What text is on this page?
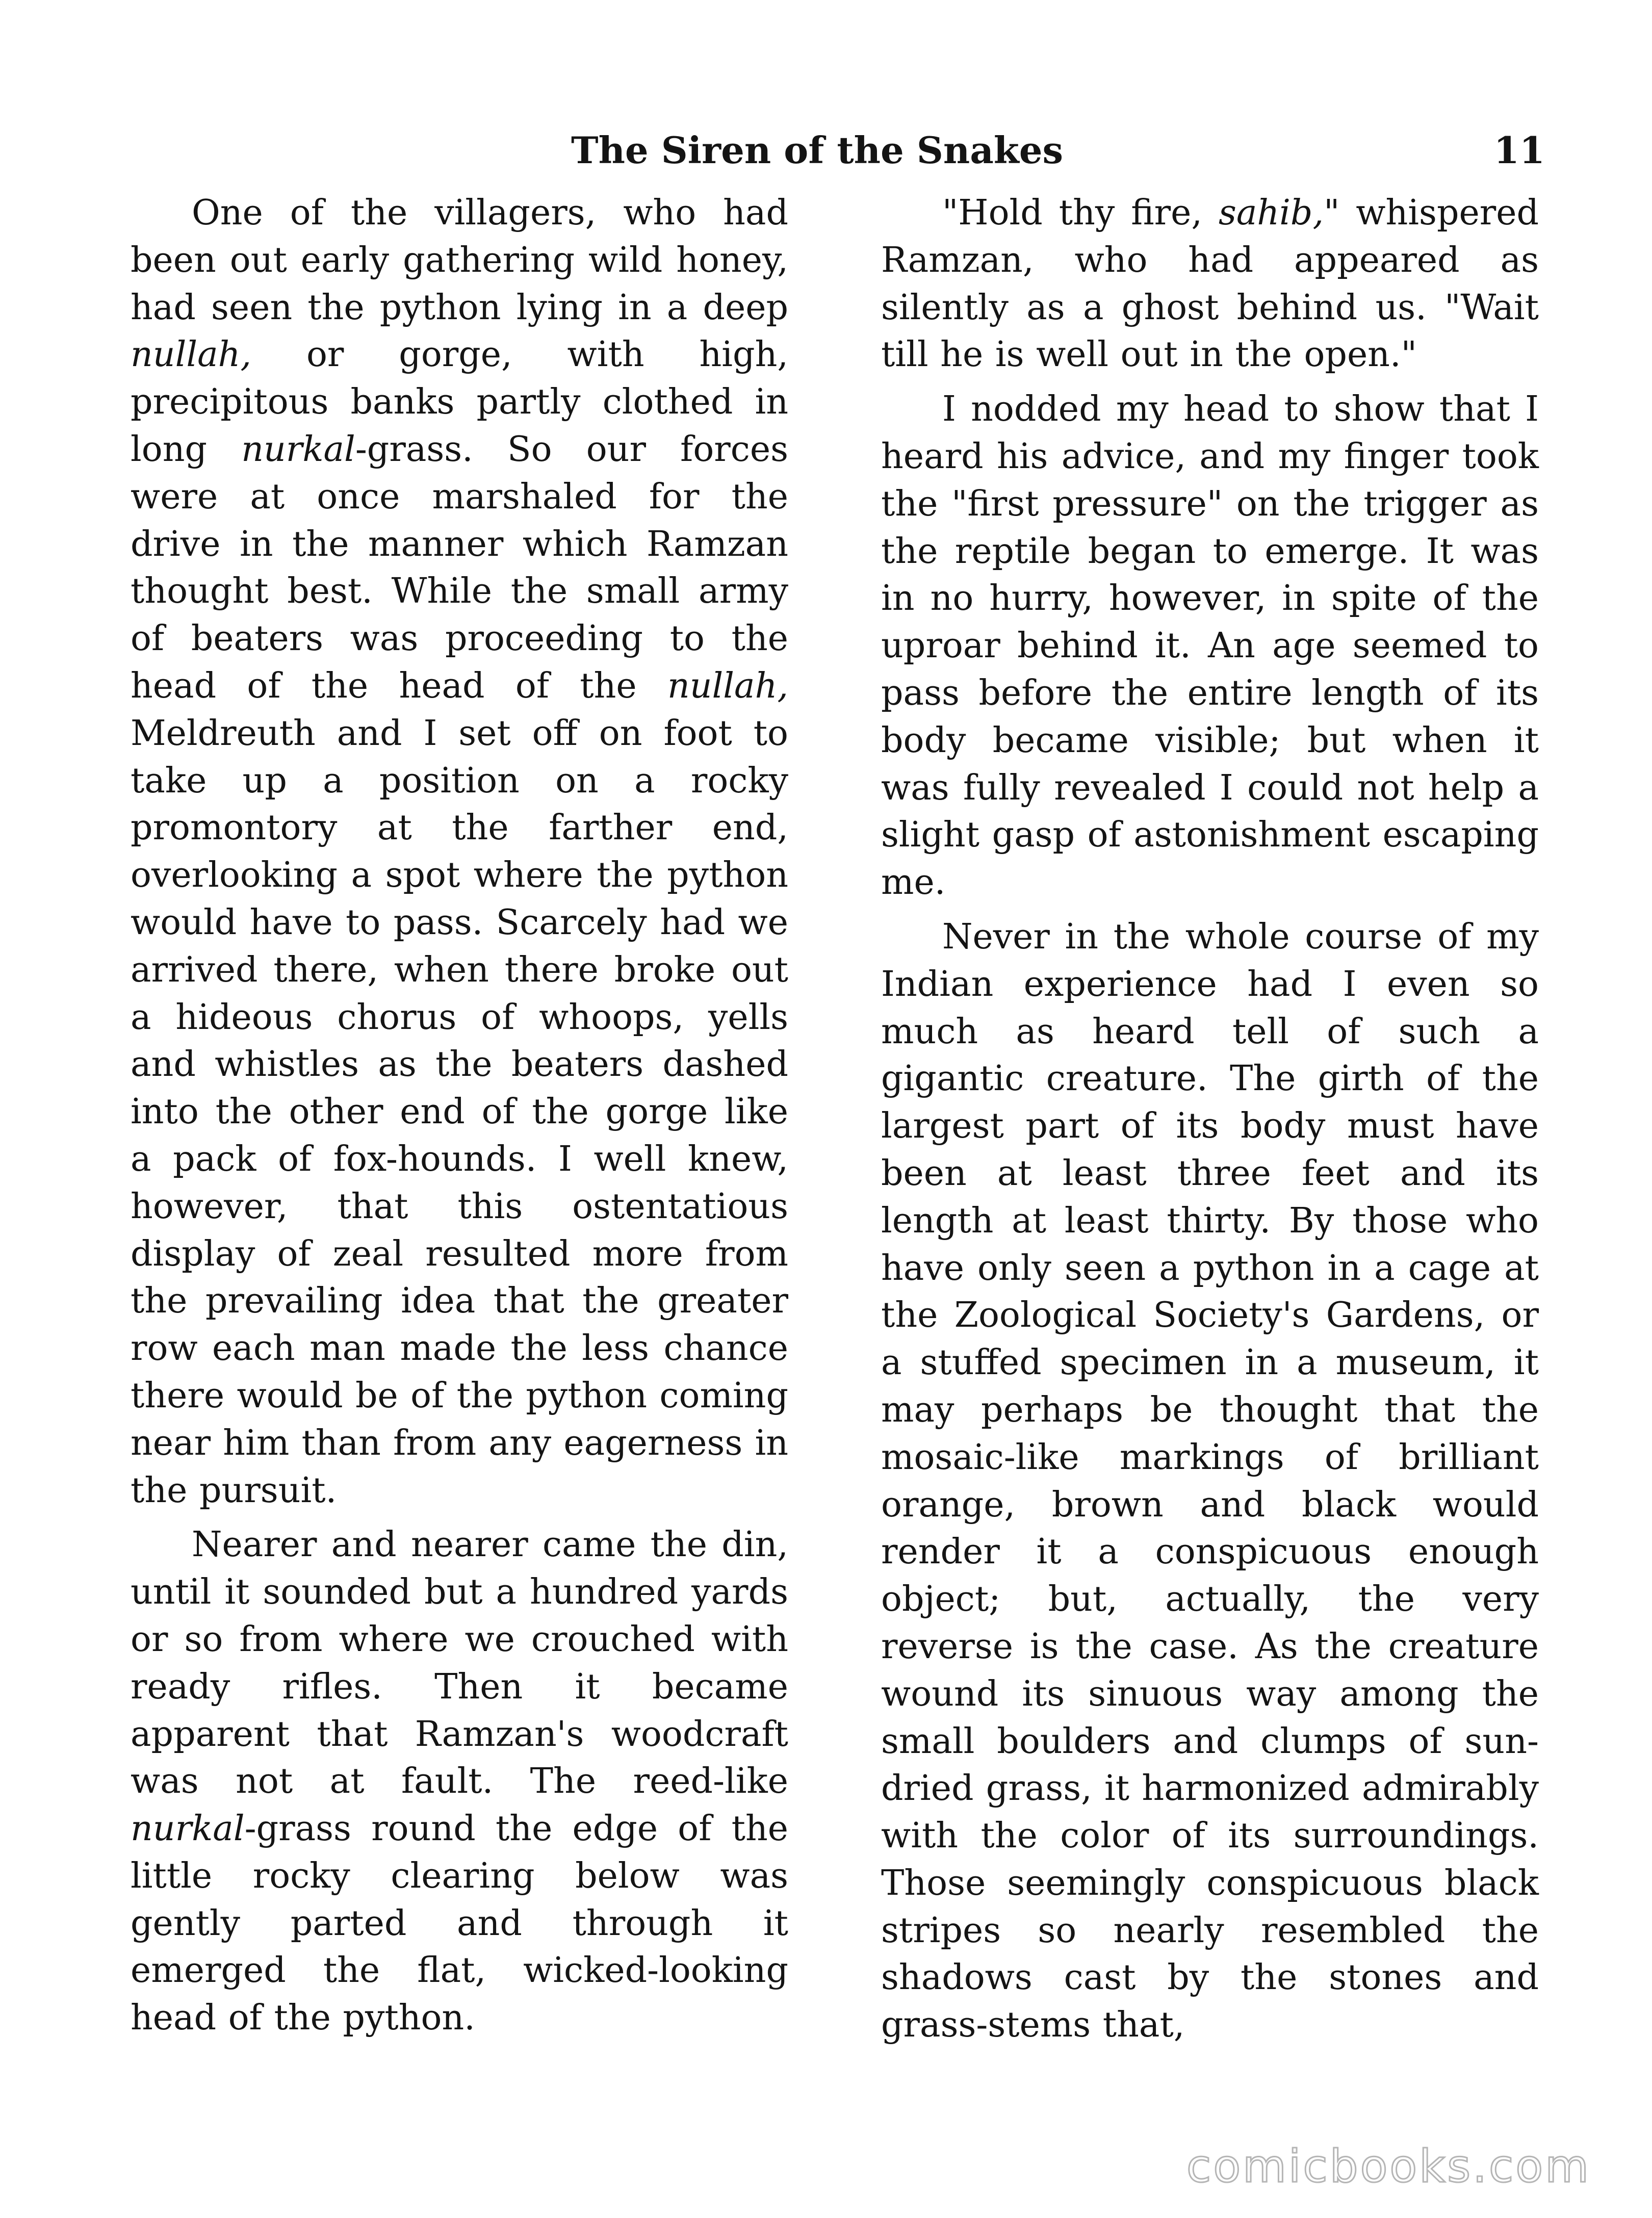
The Siren of the Snakes	11

One of the villagers, who had been out early gathering wild honey, had seen the python lying in a deep nullah, or gorge, with high, precipitous banks partly clothed in long nurkal-grass. So our forces were at once marshaled for the drive in the manner which Ramzan thought best. While the small army of beaters was proceeding to the head of the head of the nullah, Meldreuth and I set off on foot to take up a position on a rocky promontory at the farther end, overlooking a spot where the python would have to pass. Scarcely had we arrived there, when there broke out a hideous chorus of whoops, yells and whistles as the beaters dashed into the other end of the gorge like a pack of fox-hounds. I well knew, however, that this ostentatious display of zeal resulted more from the prevailing idea that the greater row each man made the less chance there would be of the python coming near him than from any eagerness in the pursuit.

Nearer and nearer came the din, until it sounded but a hundred yards or so from where we crouched with ready rifles. Then it became apparent that Ramzan's woodcraft was not at fault. The reed-like nurkal-grass round the edge of the little rocky clearing below was gently parted and through it emerged the flat, wicked-looking head of the python.

"Hold thy fire, sahib," whispered Ramzan, who had appeared as silently as a ghost behind us. "Wait till he is well out in the open."

I nodded my head to show that I heard his advice, and my finger took the "first pressure" on the trigger as the reptile began to emerge. It was in no hurry, however, in spite of the uproar behind it. An age seemed to pass before the entire length of its body became visible; but when it was fully revealed I could not help a slight gasp of astonishment escaping me.

Never in the whole course of my Indian experience had I even so much as heard tell of such a gigantic creature. The girth of the largest part of its body must have been at least three feet and its length at least thirty. By those who have only seen a python in a cage at the Zoological Society's Gardens, or a stuffed specimen in a museum, it may perhaps be thought that the mosaic-like markings of brilliant orange, brown and black would render it a conspicuous enough object; but, actually, the very reverse is the case. As the creature wound its sinuous way among the small boulders and clumps of sun-dried grass, it harmonized admirably with the color of its surroundings. Those seemingly conspicuous black stripes so nearly resembled the shadows cast by the stones and grass-stems that,

comicbooks.com
